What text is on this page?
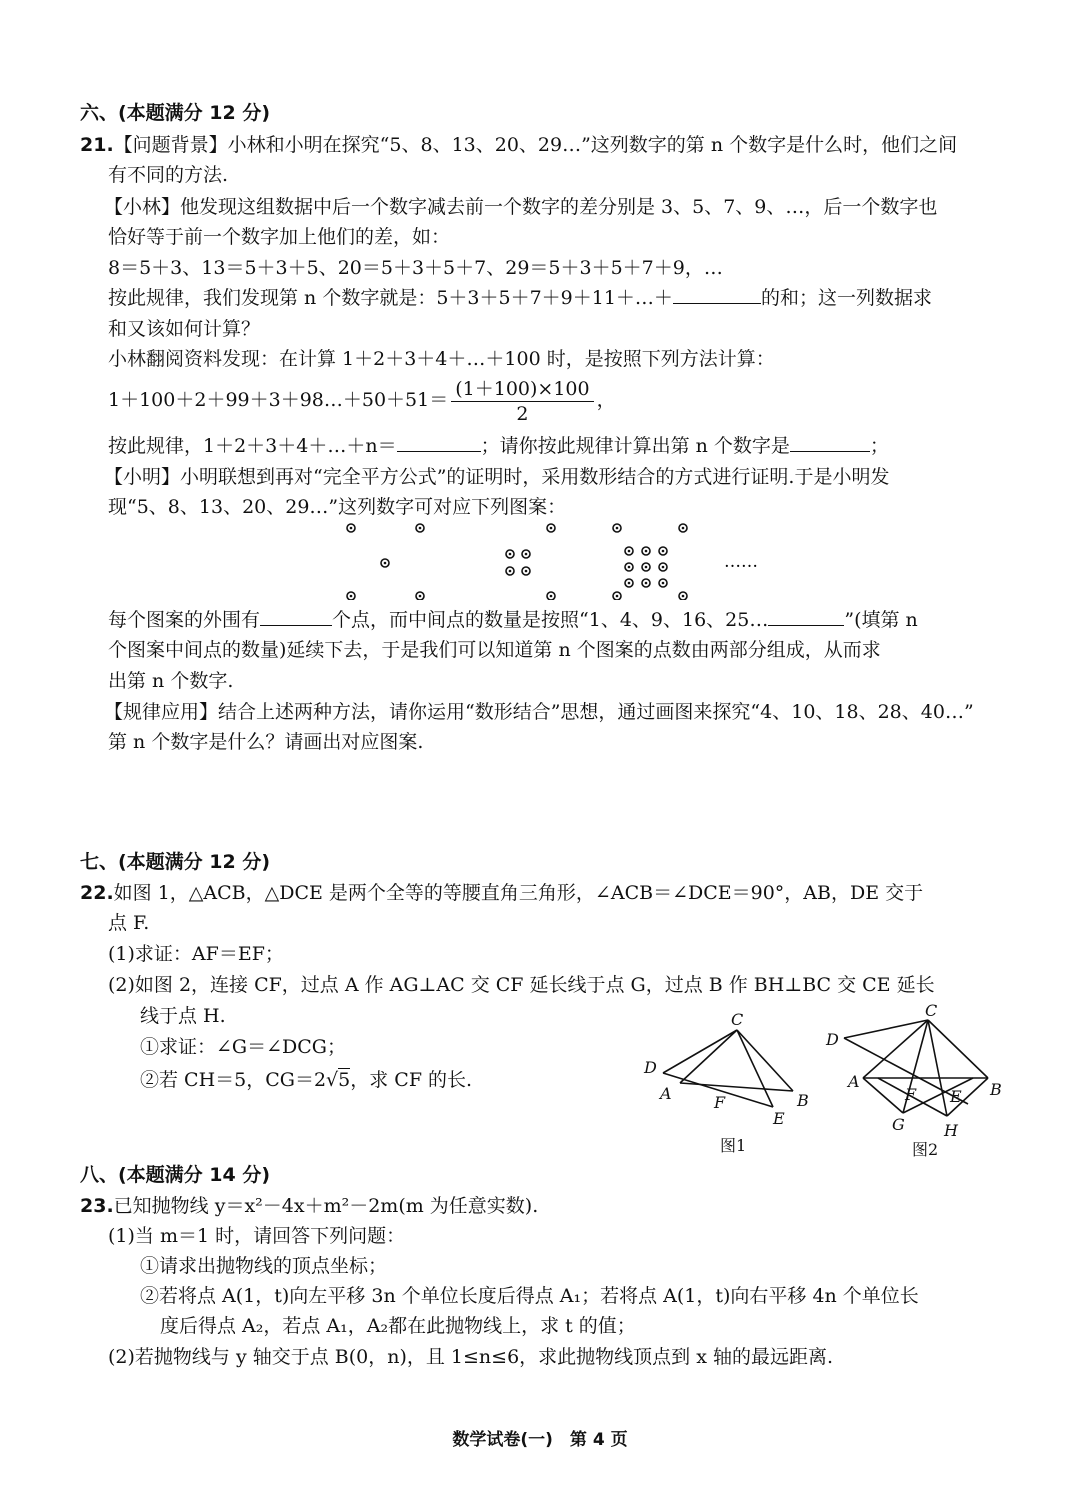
六、(本题满分 12 分)
21.【问题背景】小林和小明在探究“5、8、13、20、29…”这列数字的第 n 个数字是什么时，他们之间
有不同的方法.
【小林】他发现这组数据中后一个数字减去前一个数字的差分别是 3、5、7、9、…，后一个数字也
恰好等于前一个数字加上他们的差，如：
8＝5＋3、13＝5＋3＋5、20＝5＋3＋5＋7、29＝5＋3＋5＋7＋9，…
按此规律，我们发现第 n 个数字就是：5＋3＋5＋7＋9＋11＋…＋	的和；这一列数据求
和又该如何计算？
小林翻阅资料发现：在计算 1＋2＋3＋4＋…＋100 时，是按照下列方法计算：
1＋100＋2＋99＋3＋98…＋50＋51＝ $\frac{(1+100)\times 100}{2}$ ，
按此规律，1＋2＋3＋4＋…＋n＝	；请你按此规律计算出第 n 个数字是	；
【小明】小明联想到再对“完全平方公式”的证明时，采用数形结合的方式进行证明.于是小明发
现“5、8、13、20、29…”这列数字可对应下列图案：
……
每个图案的外围有	个点，而中间点的数量是按照“1、4、9、16、25…	”(填第 n
个图案中间点的数量)延续下去，于是我们可以知道第 n 个图案的点数由两部分组成，从而求
出第 n 个数字.
【规律应用】结合上述两种方法，请你运用“数形结合”思想，通过画图来探究“4、10、18、28、40…”
第 n 个数字是什么？请画出对应图案.
七、(本题满分 12 分)
22.如图 1，△ACB，△DCE 是两个全等的等腰直角三角形，∠ACB＝∠DCE＝90°，AB，DE 交于
点 F.
(1)求证：AF＝EF；
(2)如图 2，连接 CF，过点 A 作 AG⊥AC 交 CF 延长线于点 G，过点 B 作 BH⊥BC 交 CE 延长
线于点 H.
①求证：∠G＝∠DCG；
②若 CH＝5，CG＝2√5，求 CF 的长.
C
D
A	F
E
B
图1
C
D
A
F E B
G H
图2
八、(本题满分 14 分)
23.已知抛物线 y＝x²－4x＋m²－2m(m 为任意实数).
(1)当 m＝1 时，请回答下列问题：
①请求出抛物线的顶点坐标；
②若将点 A(1，t)向左平移 3n 个单位长度后得点 A₁；若将点 A(1，t)向右平移 4n 个单位长
度后得点 A₂，若点 A₁，A₂都在此抛物线上，求 t 的值；
(2)若抛物线与 y 轴交于点 B(0，n)，且 1≤n≤6，求此抛物线顶点到 x 轴的最远距离.
数学试卷(一)　第 4 页
